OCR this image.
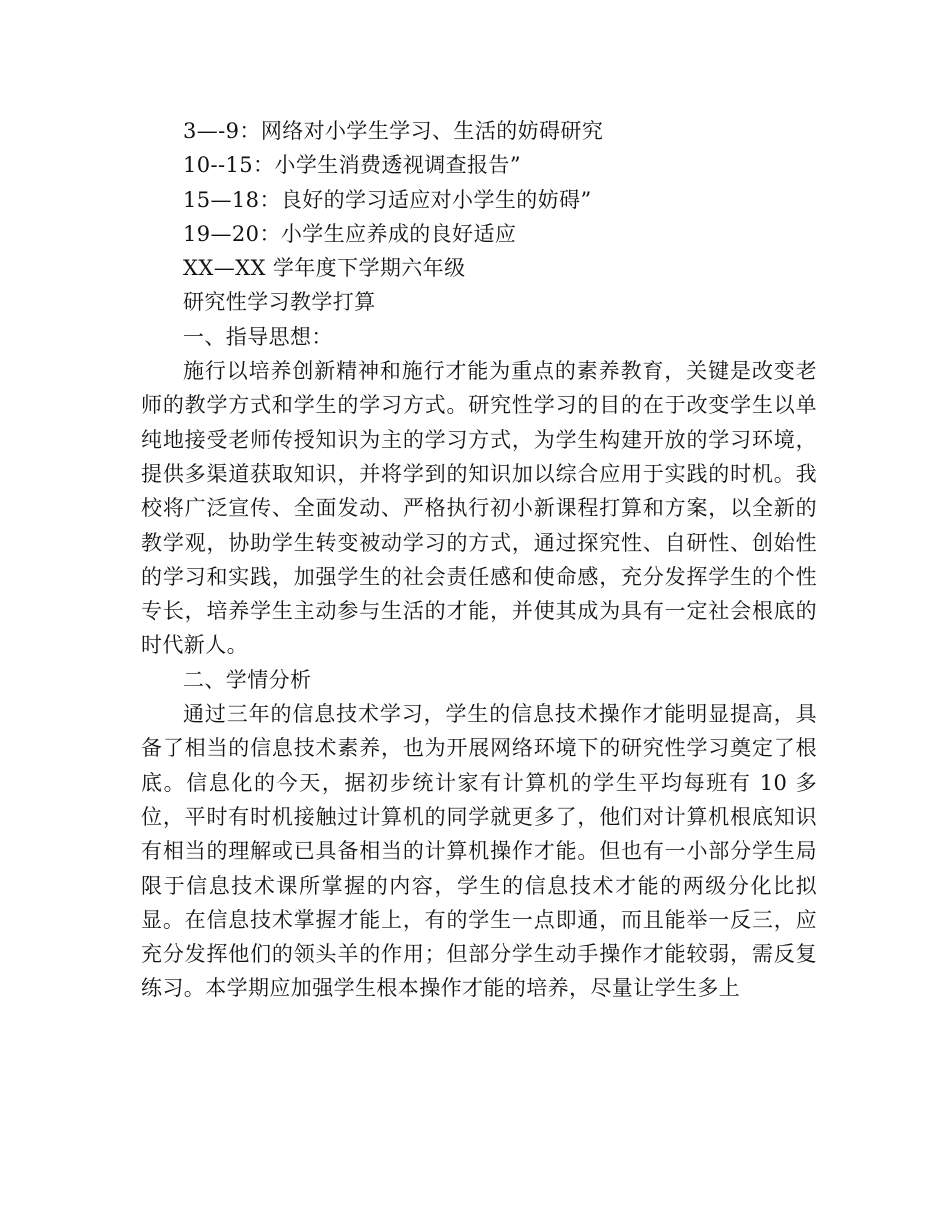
3—-9：网络对小学生学习、生活的妨碍研究
10--15：小学生消费透视调查报告”
15—18：良好的学习适应对小学生的妨碍”
19—20：小学生应养成的良好适应
XX—XX 学年度下学期六年级
研究性学习教学打算
一、指导思想：

施行以培养创新精神和施行才能为重点的素养教育，关键是改变老师的教学方式和学生的学习方式。研究性学习的目的在于改变学生以单纯地接受老师传授知识为主的学习方式，为学生构建开放的学习环境，提供多渠道获取知识，并将学到的知识加以综合应用于实践的时机。我校将广泛宣传、全面发动、严格执行初小新课程打算和方案，以全新的教学观，协助学生转变被动学习的方式，通过探究性、自研性、创始性的学习和实践，加强学生的社会责任感和使命感，充分发挥学生的个性专长，培养学生主动参与生活的才能，并使其成为具有一定社会根底的时代新人。

二、学情分析

通过三年的信息技术学习，学生的信息技术操作才能明显提高，具备了相当的信息技术素养，也为开展网络环境下的研究性学习奠定了根底。信息化的今天，据初步统计家有计算机的学生平均每班有 10 多位，平时有时机接触过计算机的同学就更多了，他们对计算机根底知识有相当的理解或已具备相当的计算机操作才能。但也有一小部分学生局限于信息技术课所掌握的内容，学生的信息技术才能的两级分化比拟显。在信息技术掌握才能上，有的学生一点即通，而且能举一反三，应充分发挥他们的领头羊的作用；但部分学生动手操作才能较弱，需反复练习。本学期应加强学生根本操作才能的培养，尽量让学生多上
